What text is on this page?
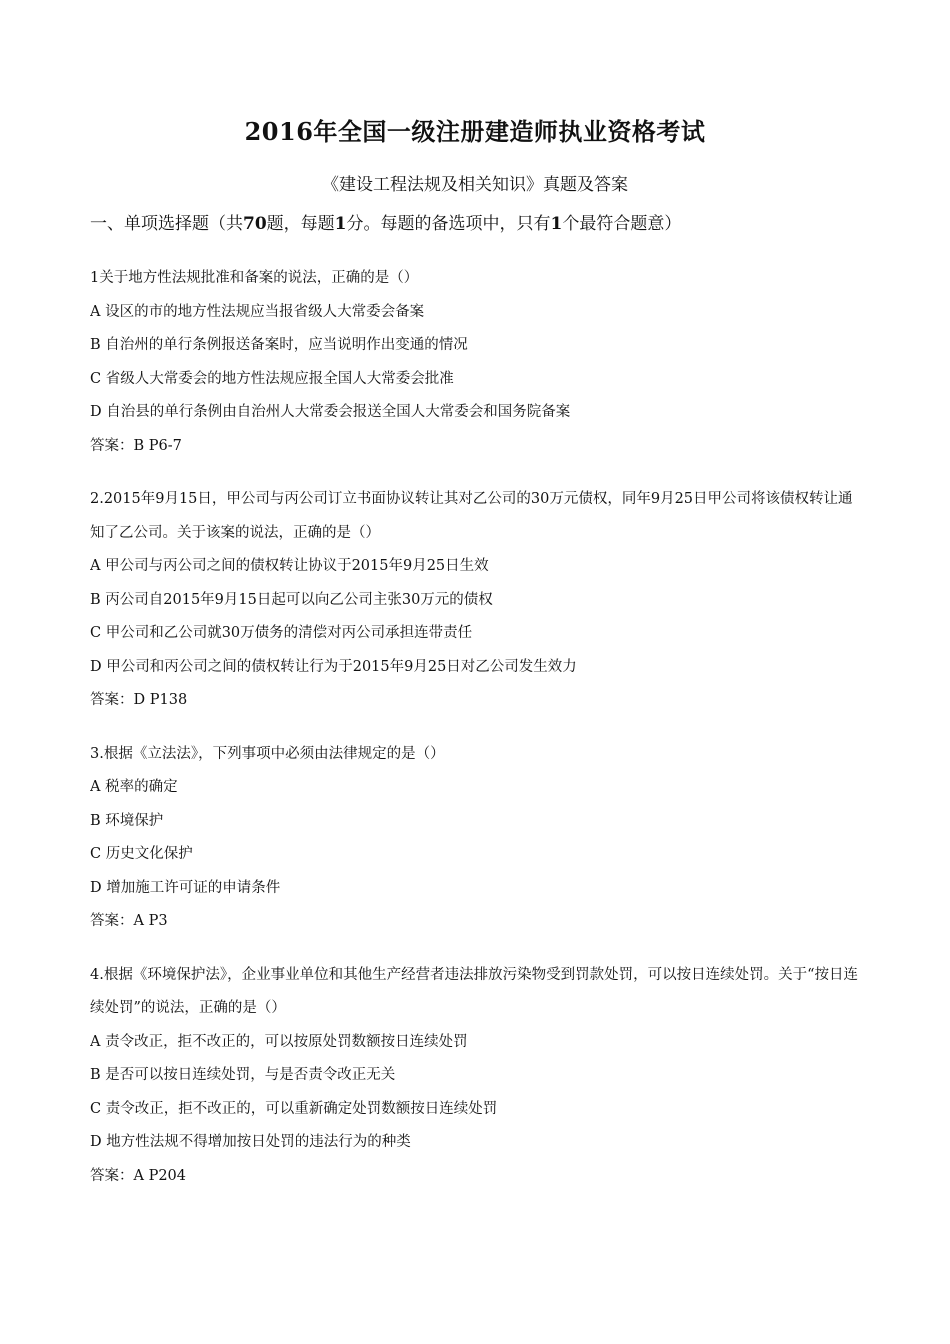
2016年全国一级注册建造师执业资格考试
《建设工程法规及相关知识》真题及答案
一、单项选择题（共70题，每题1分。每题的备选项中，只有1个最符合题意）
1关于地方性法规批准和备案的说法，正确的是（）
A 设区的市的地方性法规应当报省级人大常委会备案
B 自治州的单行条例报送备案时，应当说明作出变通的情况
C 省级人大常委会的地方性法规应报全国人大常委会批准
D 自治县的单行条例由自治州人大常委会报送全国人大常委会和国务院备案
答案：B P6-7
2.2015年9月15日，甲公司与丙公司订立书面协议转让其对乙公司的30万元债权，同年9月25日甲公司将该债权转让通知了乙公司。关于该案的说法，正确的是（）
A 甲公司与丙公司之间的债权转让协议于2015年9月25日生效
B 丙公司自2015年9月15日起可以向乙公司主张30万元的债权
C 甲公司和乙公司就30万债务的清偿对丙公司承担连带责任
D 甲公司和丙公司之间的债权转让行为于2015年9月25日对乙公司发生效力
答案：D P138
3.根据《立法法》，下列事项中必须由法律规定的是（）
A 税率的确定
B 环境保护
C 历史文化保护
D 增加施工许可证的申请条件
答案：A P3
4.根据《环境保护法》，企业事业单位和其他生产经营者违法排放污染物受到罚款处罚，可以按日连续处罚。关于“按日连续处罚”的说法，正确的是（）
A 责令改正，拒不改正的，可以按原处罚数额按日连续处罚
B 是否可以按日连续处罚，与是否责令改正无关
C 责令改正，拒不改正的，可以重新确定处罚数额按日连续处罚
D 地方性法规不得增加按日处罚的违法行为的种类
答案：A P204
